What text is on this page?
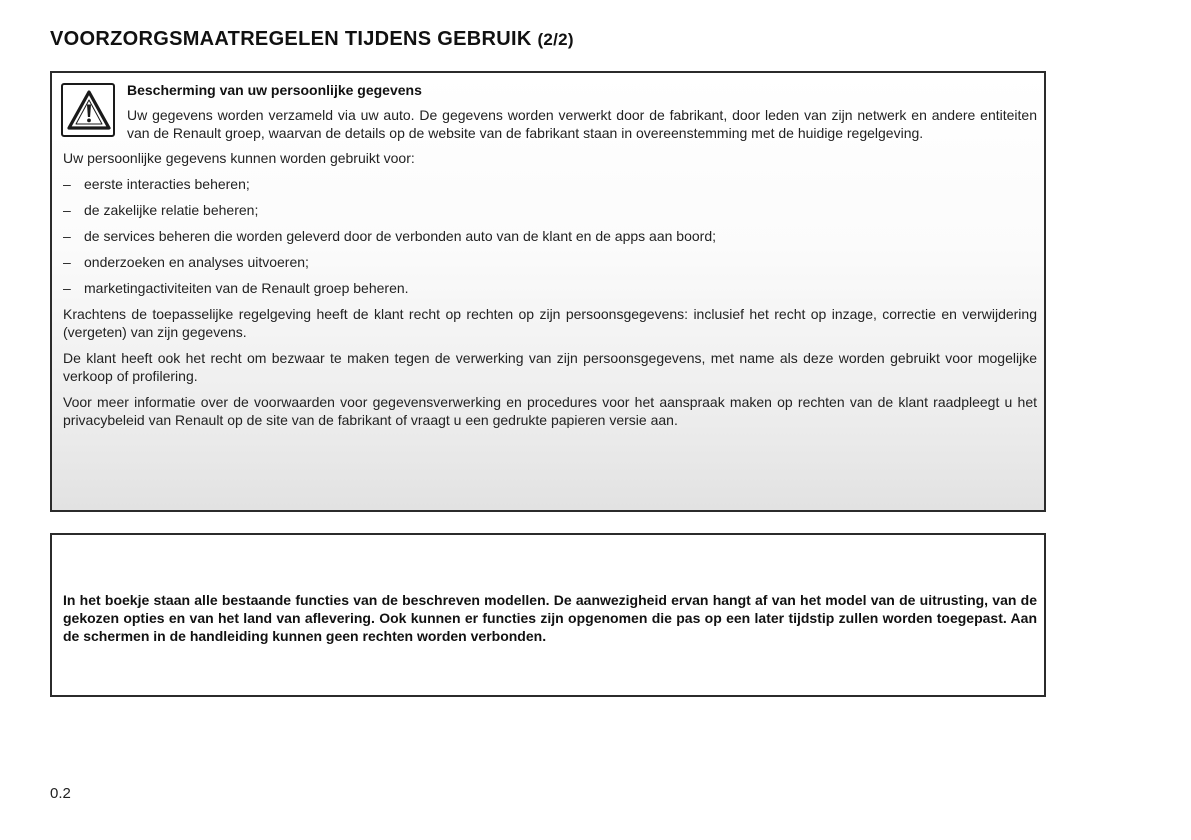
VOORZORGSMAATREGELEN TIJDENS GEBRUIK (2/2)
Bescherming van uw persoonlijke gegevens

Uw gegevens worden verzameld via uw auto. De gegevens worden verwerkt door de fabrikant, door leden van zijn netwerk en andere entiteiten van de Renault groep, waarvan de details op de website van de fabrikant staan in overeenstemming met de huidige regelgeving.

Uw persoonlijke gegevens kunnen worden gebruikt voor:

– eerste interacties beheren;
– de zakelijke relatie beheren;
– de services beheren die worden geleverd door de verbonden auto van de klant en de apps aan boord;
– onderzoeken en analyses uitvoeren;
– marketingactiviteiten van de Renault groep beheren.

Krachtens de toepasselijke regelgeving heeft de klant recht op rechten op zijn persoonsgegevens: inclusief het recht op inzage, correctie en verwijdering (vergeten) van zijn gegevens.

De klant heeft ook het recht om bezwaar te maken tegen de verwerking van zijn persoonsgegevens, met name als deze worden gebruikt voor mogelijke verkoop of profilering.

Voor meer informatie over de voorwaarden voor gegevensverwerking en procedures voor het aanspraak maken op rechten van de klant raadpleegt u het privacybeleid van Renault op de site van de fabrikant of vraagt u een gedrukte papieren versie aan.

In het boekje staan alle bestaande functies van de beschreven modellen. De aanwezigheid ervan hangt af van het model van de uitrusting, van de gekozen opties en van het land van aflevering. Ook kunnen er functies zijn opgenomen die pas op een later tijdstip zullen worden toegepast. Aan de schermen in de handleiding kunnen geen rechten worden verbonden.

0.2
